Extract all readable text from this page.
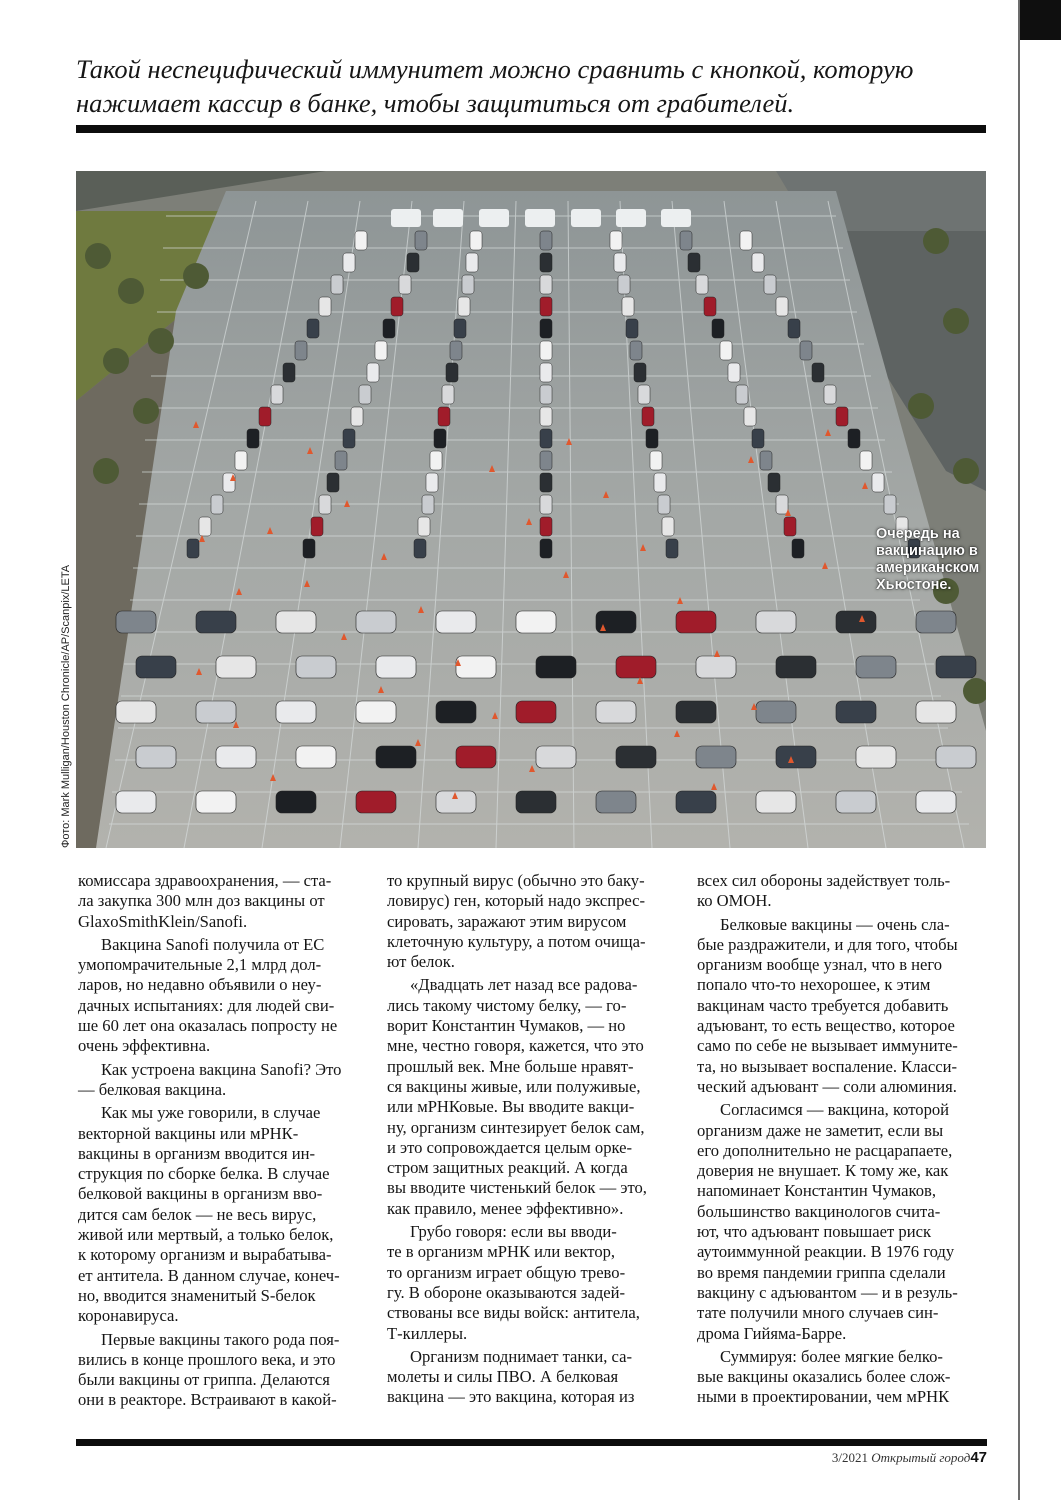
Такой неспецифический иммунитет можно сравнить с кнопкой, которую
нажимает кассир в банке, чтобы защититься от грабителей.
Очередь на
вакцинацию в
американском
Хьюстоне.
Фото: Mark Mulligan/Houston Chronicle/AP/Scanpix/LETA
комиссара здравоохранения, — ста-
ла закупка 300 млн доз вакцины от
GlaxoSmithKlein/Sanofi.
Вакцина Sanofi получила от ЕС
умопомрачительные 2,1 млрд дол-
ларов, но недавно объявили о неу-
дачных испытаниях: для людей сви-
ше 60 лет она оказалась попросту не
очень эффективна.
Как устроена вакцина Sanofi? Это
— белковая вакцина.
Как мы уже говорили, в случае
векторной вакцины или мРНК-
вакцины в организм вводится ин-
струкция по сборке белка. В случае
белковой вакцины в организм вво-
дится сам белок — не весь вирус,
живой или мертвый, а только белок,
к которому организм и вырабатыва-
ет антитела. В данном случае, конеч-
но, вводится знаменитый S-белок
коронавируса.
Первые вакцины такого рода поя-
вились в конце прошлого века, и это
были вакцины от гриппа. Делаются
они в реакторе. Встраивают в какой-
то крупный вирус (обычно это баку-
ловирус) ген, который надо экспрес-
сировать, заражают этим вирусом
клеточную культуру, а потом очища-
ют белок.
«Двадцать лет назад все радова-
лись такому чистому белку, — го-
ворит Константин Чумаков, — но
мне, честно говоря, кажется, что это
прошлый век. Мне больше нравят-
ся вакцины живые, или полуживые,
или мРНКовые. Вы вводите вакци-
ну, организм синтезирует белок сам,
и это сопровождается целым орке-
стром защитных реакций. А когда
вы вводите чистенький белок — это,
как правило, менее эффективно».
Грубо говоря: если вы вводи-
те в организм мРНК или вектор,
то организм играет общую трево-
гу. В обороне оказываются задей-
ствованы все виды войск: антитела,
Т-киллеры.
Организм поднимает танки, са-
молеты и силы ПВО. А белковая
вакцина — это вакцина, которая из
всех сил обороны задействует толь-
ко ОМОН.
Белковые вакцины — очень сла-
бые раздражители, и для того, чтобы
организм вообще узнал, что в него
попало что-то нехорошее, к этим
вакцинам часто требуется добавить
адъювант, то есть вещество, которое
само по себе не вызывает иммуните-
та, но вызывает воспаление. Класси-
ческий адъювант — соли алюминия.
Согласимся — вакцина, которой
организм даже не заметит, если вы
его дополнительно не расцарапаете,
доверия не внушает. К тому же, как
напоминает Константин Чумаков,
большинство вакцинологов счита-
ют, что адъювант повышает риск
аутоиммунной реакции. В 1976 году
во время пандемии гриппа сделали
вакцину с адъювантом — и в резуль-
тате получили много случаев син-
дрома Гийяма-Барре.
Суммируя: более мягкие белко-
вые вакцины оказались более слож-
ными в проектировании, чем мРНК
3/2021 Открытый город47
